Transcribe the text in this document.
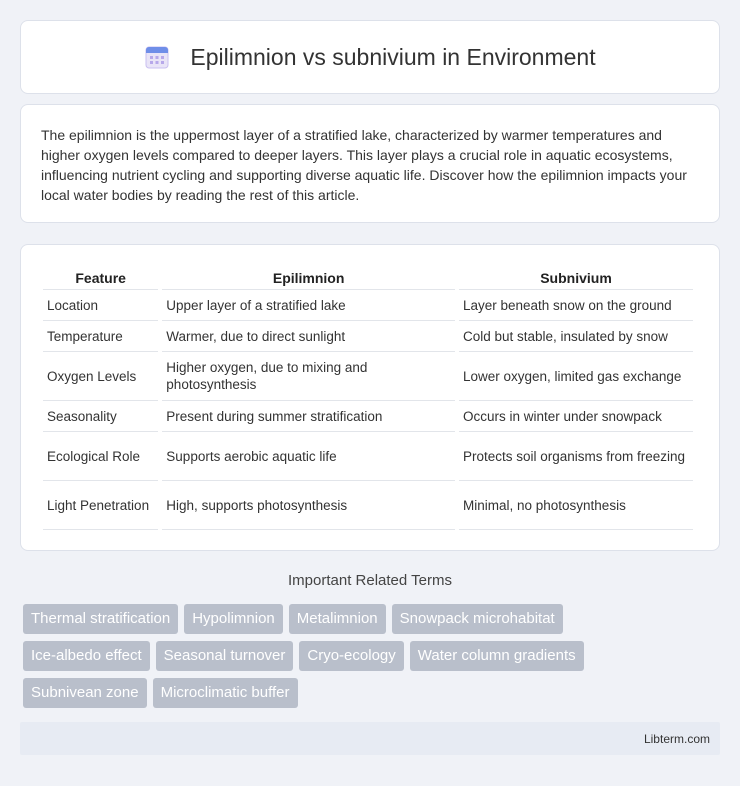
Epilimnion vs subnivium in Environment

The epilimnion is the uppermost layer of a stratified lake, characterized by warmer temperatures and higher oxygen levels compared to deeper layers. This layer plays a crucial role in aquatic ecosystems, influencing nutrient cycling and supporting diverse aquatic life. Discover how the epilimnion impacts your local water bodies by reading the rest of this article.

Feature	Epilimnion	Subnivium
Location	Upper layer of a stratified lake	Layer beneath snow on the ground
Temperature	Warmer, due to direct sunlight	Cold but stable, insulated by snow
Oxygen Levels	Higher oxygen, due to mixing and photosynthesis	Lower oxygen, limited gas exchange
Seasonality	Present during summer stratification	Occurs in winter under snowpack
Ecological Role	Supports aerobic aquatic life	Protects soil organisms from freezing
Light Penetration	High, supports photosynthesis	Minimal, no photosynthesis
Important Related Terms
Thermal stratification	Hypolimnion	Metalimnion	Snowpack microhabitat
Ice-albedo effect	Seasonal turnover	Cryo-ecology	Water column gradients
Subnivean zone	Microclimatic buffer
Libterm.com
